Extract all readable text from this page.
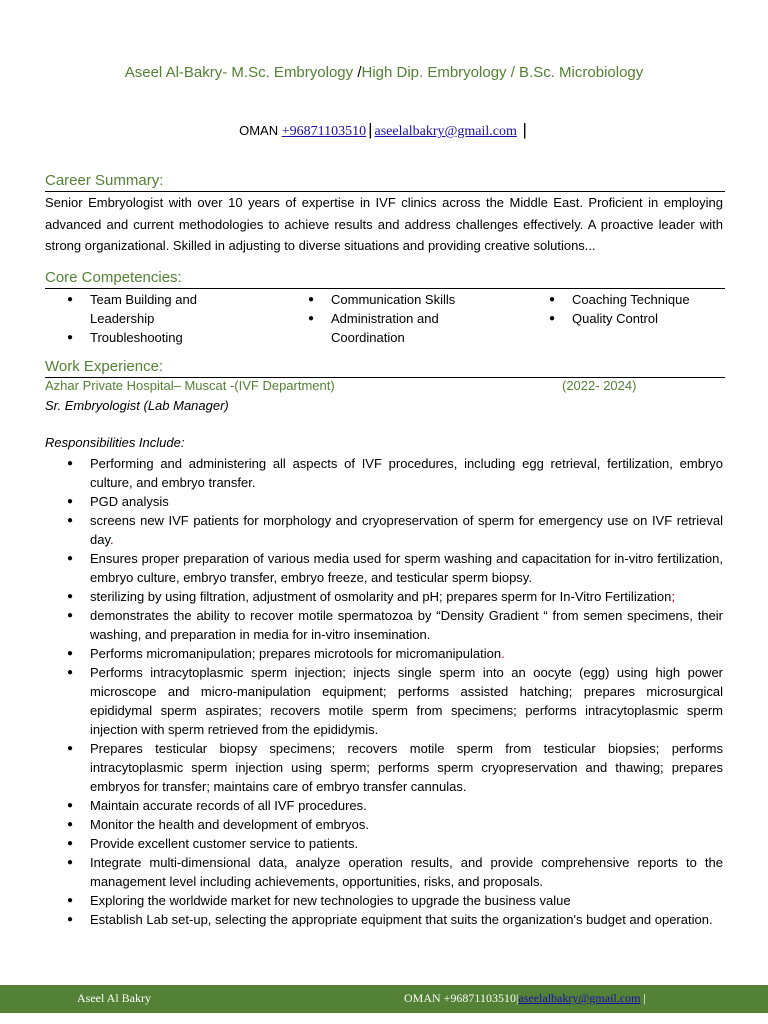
Aseel Al-Bakry- M.Sc. Embryology /High Dip. Embryology / B.Sc. Microbiology
OMAN +96871103510 | aseelalbakry@gmail.com |
Career Summary:
Senior Embryologist with over 10 years of expertise in IVF clinics across the Middle East. Proficient in employing advanced and current methodologies to achieve results and address challenges effectively. A proactive leader with strong organizational. Skilled in adjusting to diverse situations and providing creative solutions...
Core Competencies:
● Team Building and Leadership
● Troubleshooting
● Communication Skills
● Administration and Coordination
● Coaching Technique
● Quality Control
Work Experience:
Azhar Private Hospital– Muscat -(IVF Department)	(2022- 2024)
Sr. Embryologist (Lab Manager)
Responsibilities Include:
● Performing and administering all aspects of IVF procedures, including egg retrieval, fertilization, embryo culture, and embryo transfer.
● PGD analysis
● screens new IVF patients for morphology and cryopreservation of sperm for emergency use on IVF retrieval day.
● Ensures proper preparation of various media used for sperm washing and capacitation for in-vitro fertilization, embryo culture, embryo transfer, embryo freeze, and testicular sperm biopsy.
● sterilizing by using filtration, adjustment of osmolarity and pH; prepares sperm for In-Vitro Fertilization;
● demonstrates the ability to recover motile spermatozoa by “Density Gradient “ from semen specimens, their washing, and preparation in media for in-vitro insemination.
● Performs micromanipulation; prepares microtools for micromanipulation.
● Performs intracytoplasmic sperm injection; injects single sperm into an oocyte (egg) using high power microscope and micro-manipulation equipment; performs assisted hatching; prepares microsurgical epididymal sperm aspirates; recovers motile sperm from specimens; performs intracytoplasmic sperm injection with sperm retrieved from the epididymis.
● Prepares testicular biopsy specimens; recovers motile sperm from testicular biopsies; performs intracytoplasmic sperm injection using sperm; performs sperm cryopreservation and thawing; prepares embryos for transfer; maintains care of embryo transfer cannulas.
● Maintain accurate records of all IVF procedures.
● Monitor the health and development of embryos.
● Provide excellent customer service to patients.
● Integrate multi-dimensional data, analyze operation results, and provide comprehensive reports to the management level including achievements, opportunities, risks, and proposals.
● Exploring the worldwide market for new technologies to upgrade the business value
● Establish Lab set-up, selecting the appropriate equipment that suits the organization's budget and operation.
Aseel Al Bakry	OMAN +96871103510|aseelalbakry@gmail.com |
